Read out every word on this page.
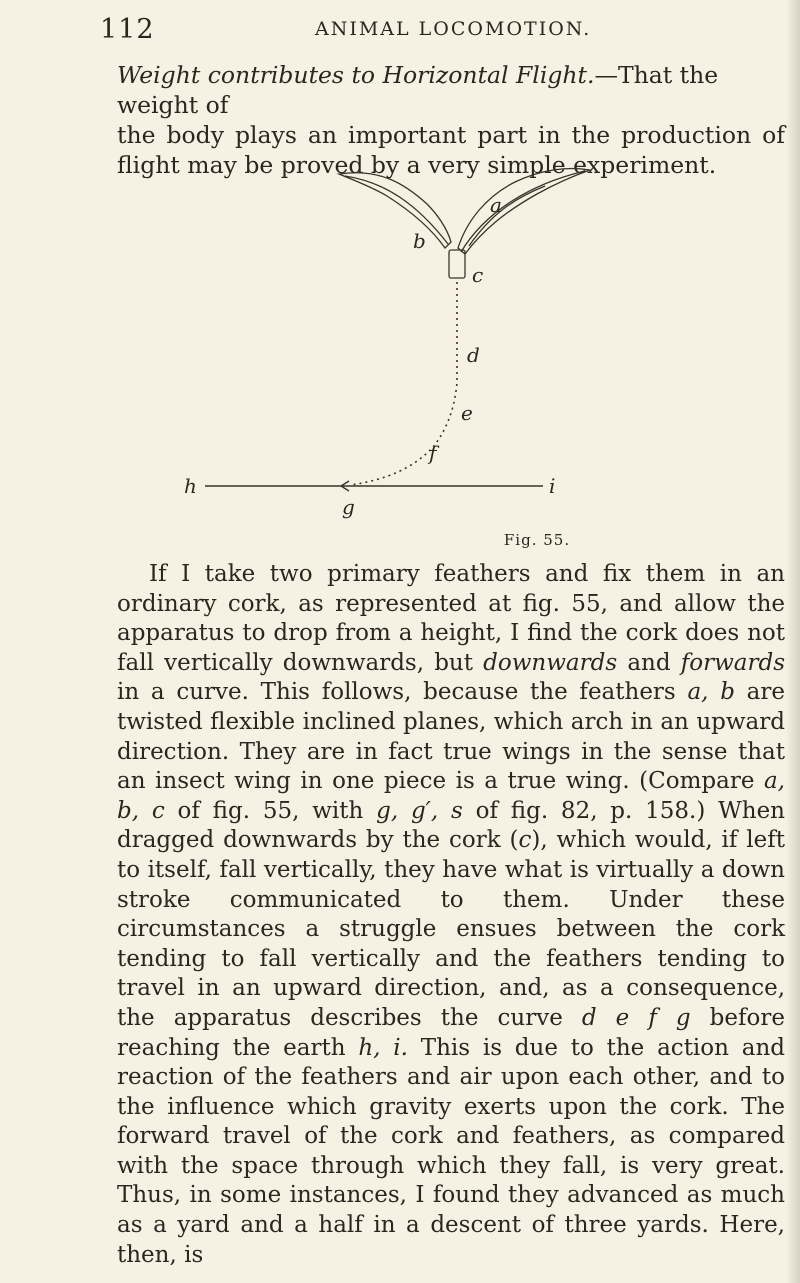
112	ANIMAL LOCOMOTION.

Weight contributes to Horizontal Flight.—That the weight of
the body plays an important part in the production of flight may be proved by a very simple experiment.

b
a
c
d
e
f
g
h	i
Fig. 55.

If I take two primary feathers and fix them in an ordinary cork, as represented at fig. 55, and allow the apparatus to drop from a height, I find the cork does not fall vertically downwards, but downwards and forwards in a curve. This follows, because the feathers a, b are twisted flexible inclined planes, which arch in an upward direction. They are in fact true wings in the sense that an insect wing in one piece is a true wing. (Compare a, b, c of fig. 55, with g, g′, s of fig. 82, p. 158.) When dragged downwards by the cork (c), which would, if left to itself, fall vertically, they have what is virtually a down stroke communicated to them. Under these circumstances a struggle ensues between the cork tending to fall vertically and the feathers tending to travel in an upward direction, and, as a consequence, the apparatus describes the curve d e f g before reaching the earth h, i. This is due to the action and reaction of the feathers and air upon each other, and to the influence which gravity exerts upon the cork. The forward travel of the cork and feathers, as compared with the space through which they fall, is very great. Thus, in some instances, I found they advanced as much as a yard and a half in a descent of three yards. Here, then, is
